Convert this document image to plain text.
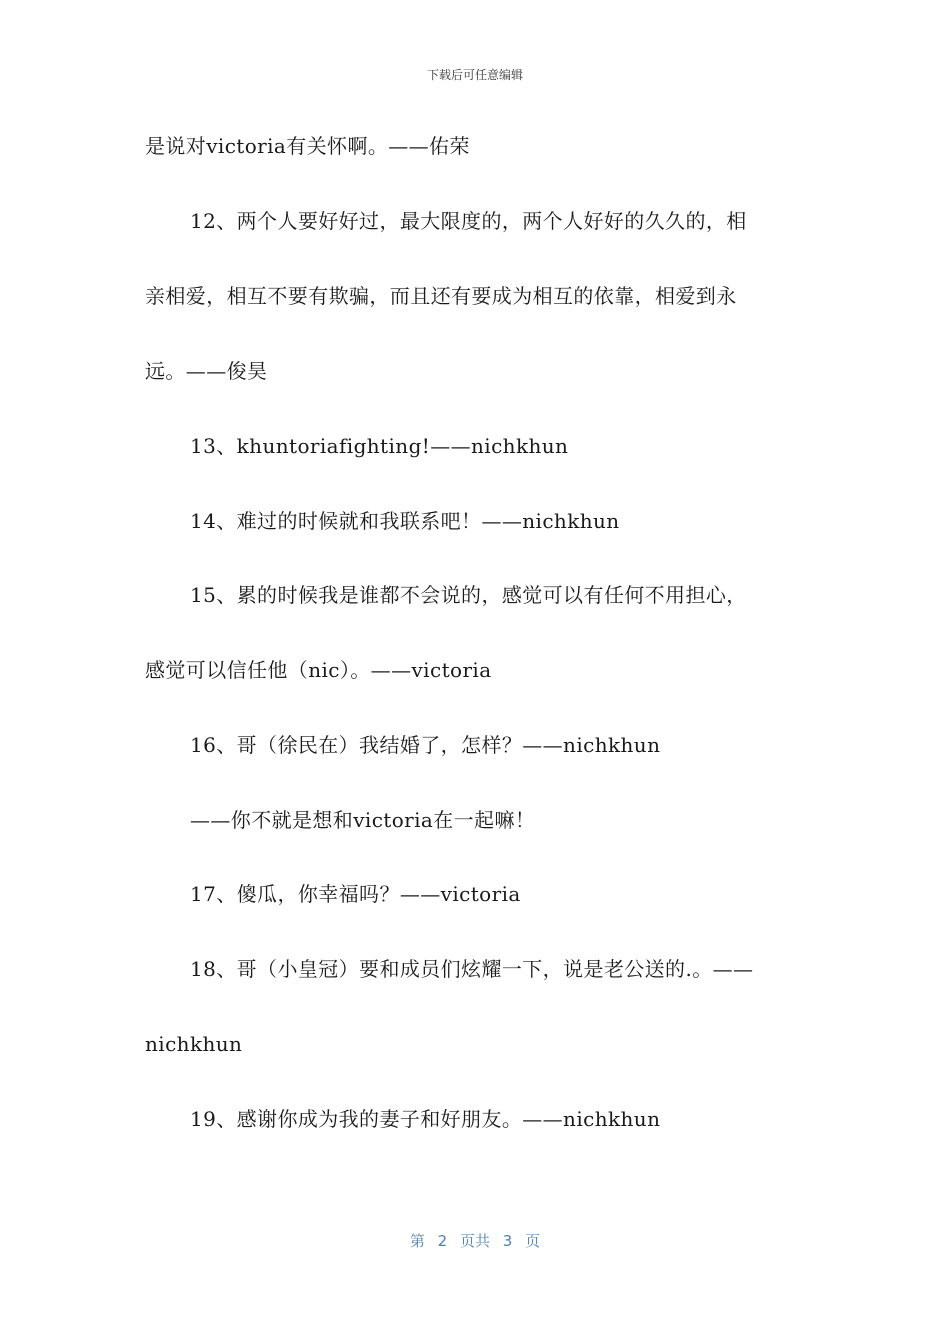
下载后可任意编辑
是说对victoria有关怀啊。——佑荣
12、两个人要好好过，最大限度的，两个人好好的久久的，相
亲相爱，相互不要有欺骗，而且还有要成为相互的依靠，相爱到永
远。——俊昊
13、khuntoriafighting!——nichkhun
14、难过的时候就和我联系吧！——nichkhun
15、累的时候我是谁都不会说的，感觉可以有任何不用担心，
感觉可以信任他（nic）。——victoria
16、哥（徐民在）我结婚了，怎样？——nichkhun
——你不就是想和victoria在一起嘛！
17、傻瓜，你幸福吗？——victoria
18、哥（小皇冠）要和成员们炫耀一下，说是老公送的.。——
nichkhun
19、感谢你成为我的妻子和好朋友。——nichkhun
第 2 页共 3 页
